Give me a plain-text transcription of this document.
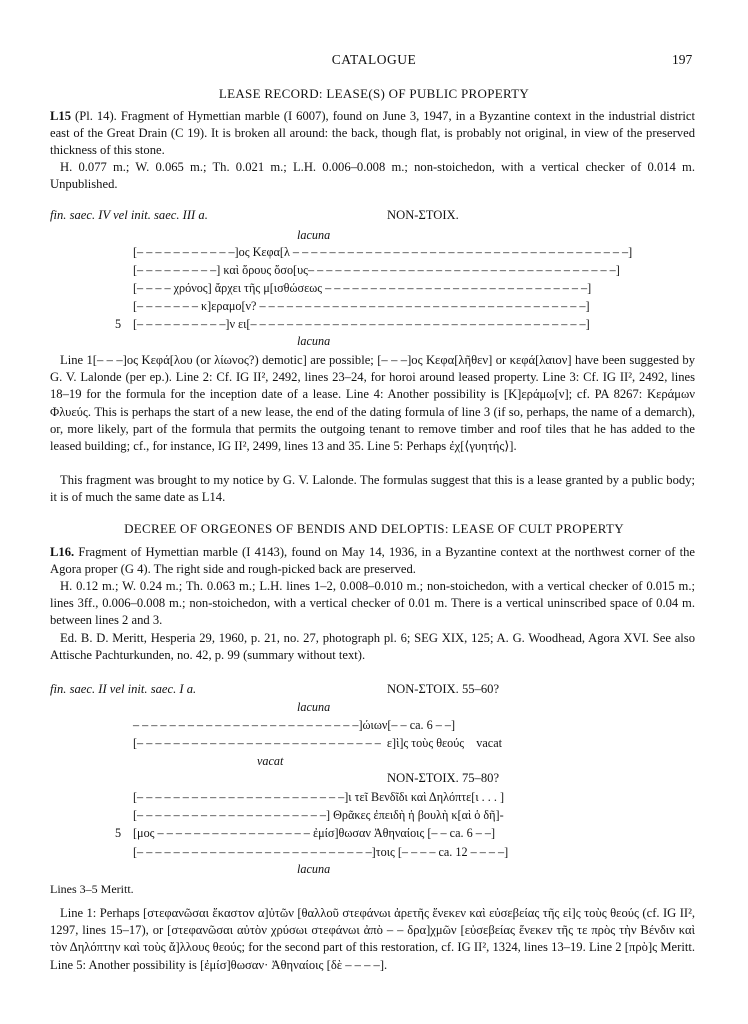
CATALOGUE	197
LEASE RECORD: LEASE(S) OF PUBLIC PROPERTY
L15 (Pl. 14). Fragment of Hymettian marble (I 6007), found on June 3, 1947, in a Byzantine context in the industrial district east of the Great Drain (C 19). It is broken all around: the back, though flat, is probably not original, in view of the preserved thickness of this stone.
H. 0.077 m.; W. 0.065 m.; Th. 0.021 m.; L.H. 0.006–0.008 m.; non-stoichedon, with a vertical checker of 0.014 m. Unpublished.
fin. saec. IV vel init. saec. III a.	NON-ΣΤΟΙΧ.
lacuna
[– – – – – – – – – – –]ος Κεφα[λ – – – – – – – – – – – – – – – – – – – – – – – – – – – – – – – – – – – – –]
[– – – – – – – – –] καὶ ὅρους ὅσο[υς– – – – – – – – – – – – – – – – – – – – – – – – – – – – – – – – – –]
[– – – – χρόνος] ἄρχει τῆς μ[ισθώσεως – – – – – – – – – – – – – – – – – – – – – – – – – – – – –]
[– – – – – – – κ]εραμο[ν? – – – – – – – – – – – – – – – – – – – – – – – – – – – – – – – – – – – –]
5 [– – – – – – – – – –]ν ει[– – – – – – – – – – – – – – – – – – – – – – – – – – – – – – – – – – – – –]
lacuna
Line 1[– – –]ος Κεφά[λου (or λίωνος?) demotic] are possible; [– – –]ος Κεφα[λῆθεν] or κεφά[λαιον] have been suggested by G. V. Lalonde (per ep.). Line 2: Cf. IG II², 2492, lines 23–24, for horoi around leased property. Line 3: Cf. IG II², 2492, lines 18–19 for the formula for the inception date of a lease. Line 4: Another possibility is [K]εράμω[ν]; cf. PA 8267: Κεράμων Φλυεύς. This is perhaps the start of a new lease, the end of the dating formula of line 3 (if so, perhaps, the name of a demarch), or, more likely, part of the formula that permits the outgoing tenant to remove timber and roof tiles that he has added to the leased building; cf., for instance, IG II², 2499, lines 13 and 35. Line 5: Perhaps ἐχ[⟨γυητής⟩].
This fragment was brought to my notice by G. V. Lalonde. The formulas suggest that this is a lease granted by a public body; it is of much the same date as L14.
DECREE OF ORGEONES OF BENDIS AND DELOPTIS: LEASE OF CULT PROPERTY
L16. Fragment of Hymettian marble (I 4143), found on May 14, 1936, in a Byzantine context at the northwest corner of the Agora proper (G 4). The right side and rough-picked back are preserved.
H. 0.12 m.; W. 0.24 m.; Th. 0.063 m.; L.H. lines 1–2, 0.008–0.010 m.; non-stoichedon, with a vertical checker of 0.015 m.; lines 3ff., 0.006–0.008 m.; non-stoichedon, with a vertical checker of 0.01 m. There is a vertical uninscribed space of 0.04 m. between lines 2 and 3.
Ed. B. D. Meritt, Hesperia 29, 1960, p. 21, no. 27, photograph pl. 6; SEG XIX, 125; A. G. Woodhead, Agora XVI. See also Attische Pachturkunden, no. 42, p. 99 (summary without text).
fin. saec. II vel init. saec. I a.	NON-ΣΤΟΙΧ. 55–60?
lacuna
– – – – – – – – – – – – – – – – – – – – – – – – –]ώιων[– – ca. 6 – –]
[– – – – – – – – – – – – – – – – – – – – – – – – – – –  ε]ὶ]ς τοὺς θεούς    vacat
vacat
NON-ΣΤΟΙΧ. 75–80?
[– – – – – – – – – – – – – – – – – – – – – – –]ι τεῖ Βενδῖδι καὶ Δηλόπτε[ι . . . ]
[– – – – – – – – – – – – – – – – – – – – –] Θρᾶκες ἐπειδὴ ἡ βουλὴ κ[αὶ ὁ δῆ]-
5 [μος – – – – – – – – – – – – – – – – – ἐμίσ]θωσαν Ἀθηναίοις [– – ca. 6 – –]
[– – – – – – – – – – – – – – – – – – – – – – – – – –]τοις [– – – – ca. 12 – – – –]
lacuna
Lines 3–5 Meritt.
Line 1: Perhaps [στεφανῶσαι ἕκαστον α]ὐτῶν [θαλλοῦ στεφάνωι ἀρετῆς ἕνεκεν καὶ εὐσεβείας τῆς εἰ]ς τοὺς θεούς (cf. IG II², 1297, lines 15–17), or [στεφανῶσαι αὐτὸν χρύσωι στεφάνωι ἀπὸ – – δρα]χμῶν [εὐσεβείας ἕνεκεν τῆς τε πρὸς τὴν Βένδιν καὶ τὸν Δηλόπτην καὶ τοὺς ἄ]λλους θεούς; for the second part of this restoration, cf. IG II², 1324, lines 13–19. Line 2 [πρὸ]ς Meritt. Line 5: Another possibility is [ἐμίσ]θωσαν· Ἀθηναίοις [δὲ – – – –].
